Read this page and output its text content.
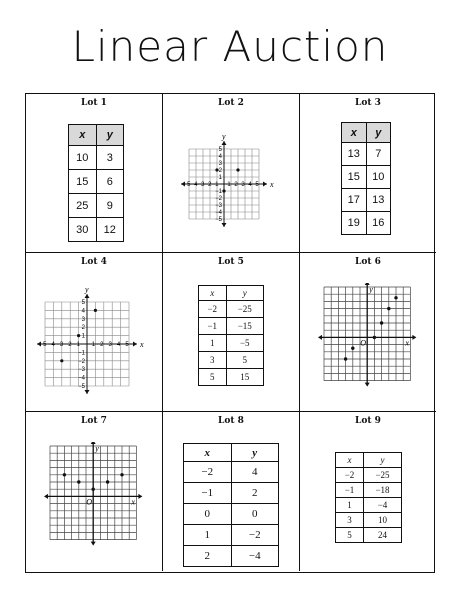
Linear Auction
Lot 1
x	y
10	3
15	6
25	9
30	12
Lot 2
x
y
−5
−5
−4
−4
−3
−3
−2
−2
−1
−1
1
1
2
2
3
3
4
4
5
5
Lot 3
x	y
13	7
15	10
17	13
19	16
Lot 4
x
y
−5
−5
−4
−4
−3
−3
−2
−2
−1
−1
1
1
2
2
3
3
4
4
5
5
Lot 5
x	y
−2	−25
−1	−15
1	−5
3	5
5	15
Lot 6
y
x
O
Lot 7
y
x
O
Lot 8
x	y
−2	4
−1	2
0	0
1	−2
2	−4
Lot 9
x	y
−2	−25
−1	−18
1	−4
3	10
5	24
